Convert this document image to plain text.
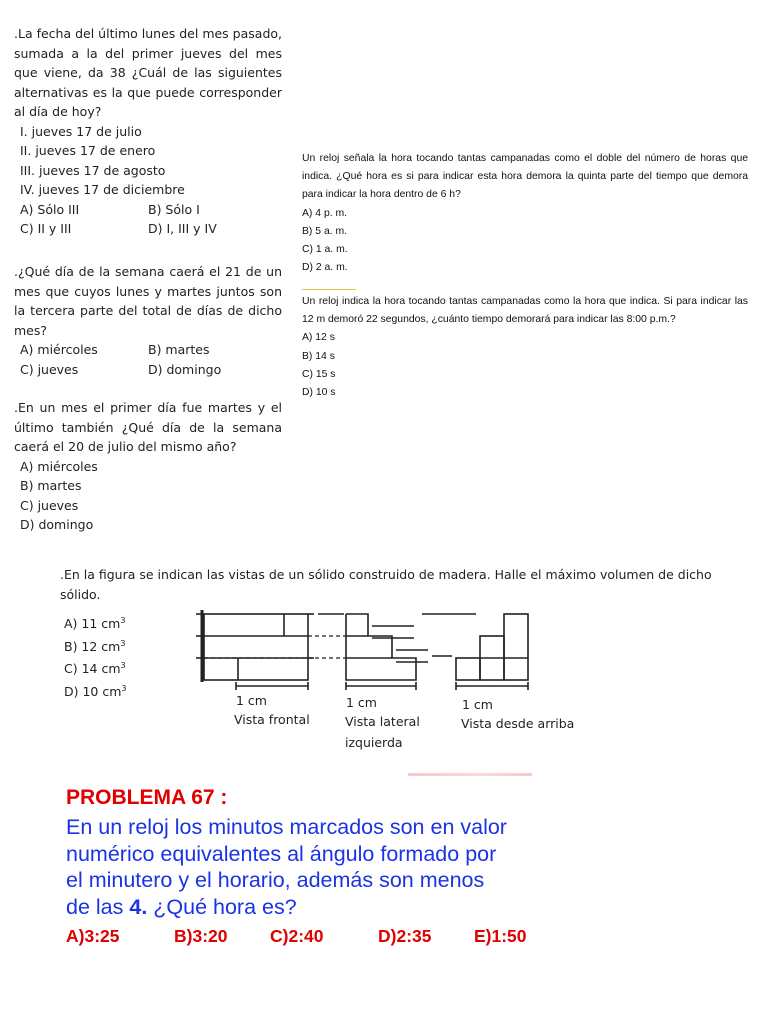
.La fecha del último lunes del mes pasado, sumada a la del primer jueves del mes que viene, da 38 ¿Cuál de las siguientes alternativas es la que puede corresponder al día de hoy?

I. jueves 17 de julio
II. jueves 17 de enero
III. jueves 17 de agosto
IV. jueves 17 de diciembre
A) Sólo III	B) Sólo I
C) II y III	D) I, III y IV

.¿Qué día de la semana caerá el 21 de un mes que cuyos lunes y martes juntos son la tercera parte del total de días de dicho mes?

A) miércoles	B) martes
C) jueves	D) domingo

.En un mes el primer día fue martes y el último también ¿Qué día de la semana caerá el 20 de julio del mismo año?

A) miércoles
B) martes
C) jueves
D) domingo

Un reloj señala la hora tocando tantas campanadas como el doble del número de horas que indica. ¿Qué hora es si para indicar esta hora demora la quinta parte del tiempo que demora para indicar la hora dentro de 6 h?

A) 4 p. m.
B) 5 a. m.
C) 1 a. m.
D) 2 a. m.

Un reloj indica la hora tocando tantas campanadas como la hora que indica. Si para indicar las 12 m demoró 22 segundos, ¿cuánto tiempo demorará para indicar las 8:00 p.m.?

A) 12 s
B) 14 s
C) 15 s
D) 10 s
.En la figura se indican las vistas de un sólido construido de madera. Halle el máximo volumen de dicho sólido.
A) 11 $cm^3$
B) 12 $cm^3$
C) 14 $cm^3$
D) 10 $cm^3$
1 cm
Vista frontal
1 cm
Vista lateral
izquierda
1 cm
Vista desde arriba
PROBLEMA 67 :
En un reloj los minutos marcados son en valor
numérico equivalentes al ángulo formado por
el minutero y el horario, además son menos
de las 4. ¿Qué hora es?
A)3:25	B)3:20	C)2:40	D)2:35	E)1:50
